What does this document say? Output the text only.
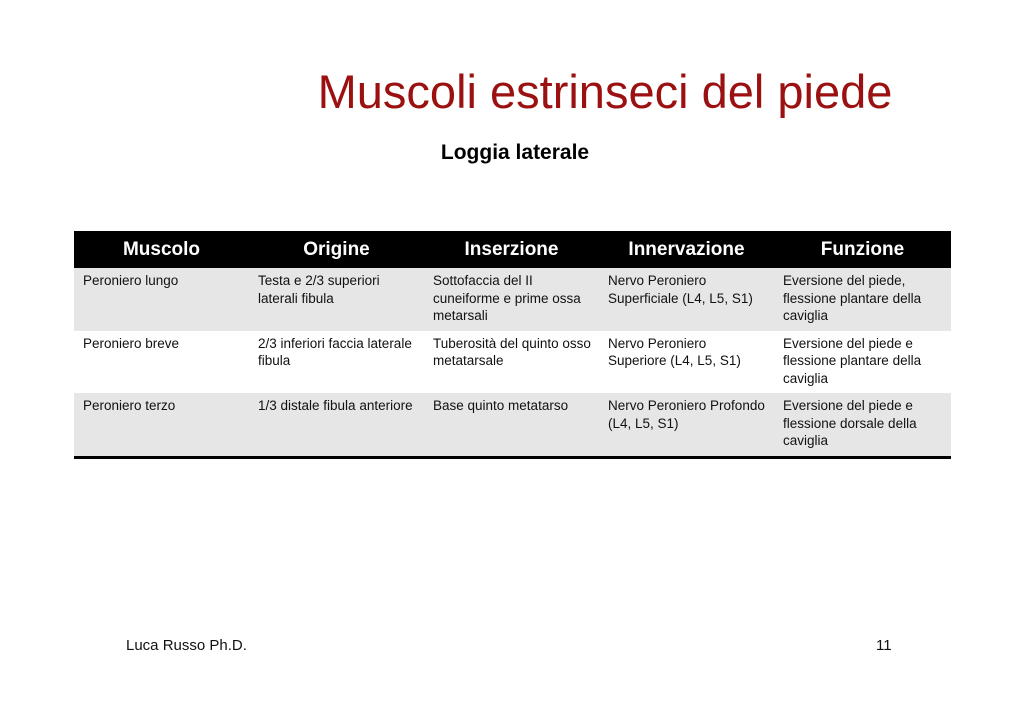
Muscoli estrinseci del piede
Loggia laterale
Muscolo	Origine	Inserzione	Innervazione	Funzione
Peroniero lungo	Testa e 2/3 superiori laterali fibula	Sottofaccia del II cuneiforme e prime ossa metarsali	Nervo Peroniero Superficiale (L4, L5, S1)	Eversione del piede, flessione plantare della caviglia
Peroniero breve	2/3 inferiori faccia laterale fibula	Tuberosità del quinto osso metatarsale	Nervo Peroniero Superiore (L4, L5, S1)	Eversione del piede e flessione plantare della caviglia
Peroniero terzo	1/3 distale fibula anteriore	Base quinto metatarso	Nervo Peroniero Profondo (L4, L5, S1)	Eversione del piede e flessione dorsale della caviglia
Luca Russo Ph.D.	11
